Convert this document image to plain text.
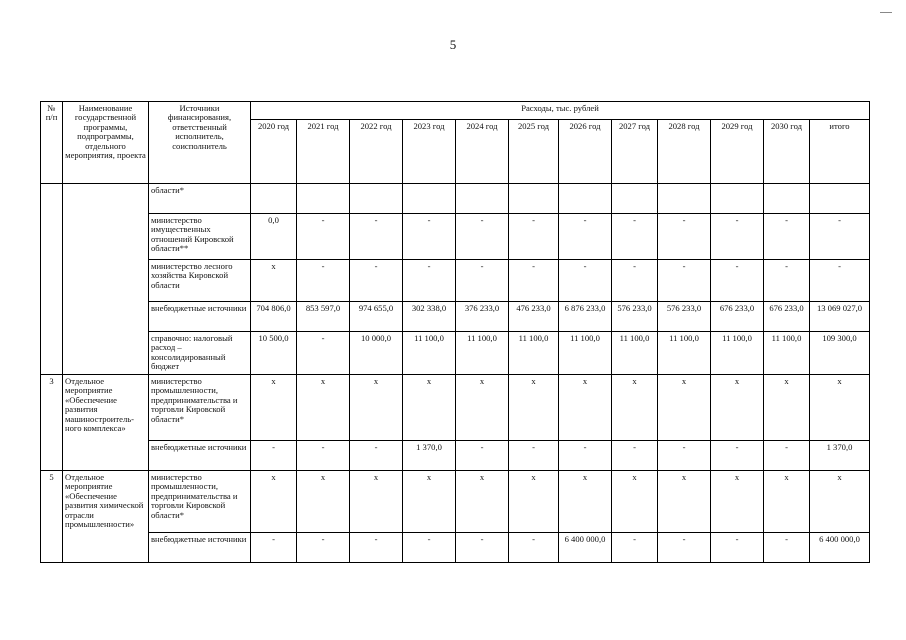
5
№ п/п	Наименование государственной программы, подпрограммы, отдельного мероприятия, проекта	Источники финансирования, ответственный исполнитель, соисполнитель	Расходы, тыс. рублей											
			2020 год	2021 год	2022 год	2023 год	2024 год	2025 год	2026 год	2027 год	2028 год	2029 год	2030 год	итого
		области*												
		министерство имущественных отношений Кировской области**	0,0	-	-	-	-	-	-	-	-	-	-	-
		министерство лесного хозяйства Кировской области	x	-	-	-	-	-	-	-	-	-	-	-
		внебюджетные источники	704 806,0	853 597,0	974 655,0	302 338,0	376 233,0	476 233,0	6 876 233,0	576 233,0	576 233,0	676 233,0	676 233,0	13 069 027,0
		справочно: налоговый расход – консолидированный бюджет	10 500,0	-	10 000,0	11 100,0	11 100,0	11 100,0	11 100,0	11 100,0	11 100,0	11 100,0	11 100,0	109 300,0
3	Отдельное мероприятие «Обеспечение развития машиностроитель-ного комплекса»	министерство промышленности, предпринимательства и торговли Кировской области*	x	x	x	x	x	x	x	x	x	x	x	x
		внебюджетные источники	-	-	-	1 370,0	-	-	-	-	-	-	-	1 370,0
5	Отдельное мероприятие «Обеспечение развития химической отрасли промышленности»	министерство промышленности, предпринимательства и торговли Кировской области*	x	x	x	x	x	x	x	x	x	x	x	x
		внебюджетные источники	-	-	-	-	-	-	6 400 000,0	-	-	-	-	6 400 000,0
